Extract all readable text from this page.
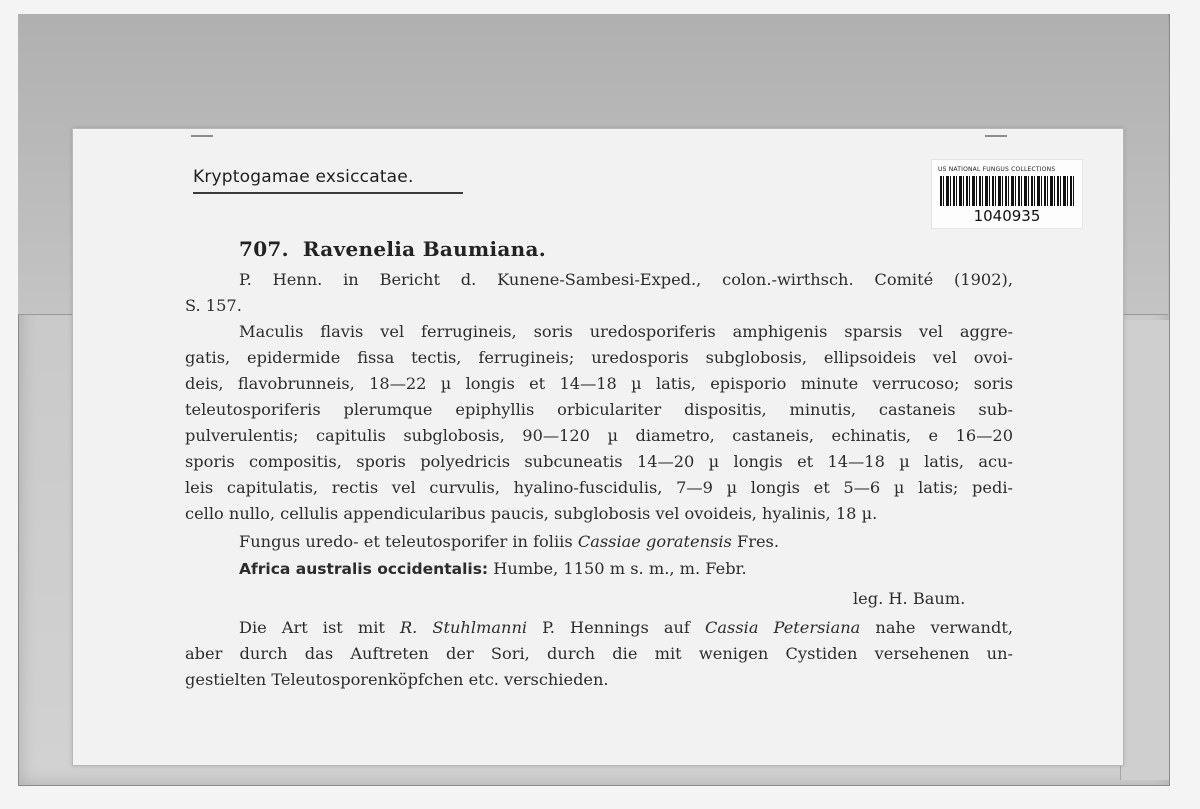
Kryptogamae exsiccatae.	US NATIONAL FUNGUS COLLECTIONS
1040935
707. Ravenelia Baumiana.
P. Henn. in Bericht d. Kunene-Sambesi-Exped., colon.-wirthsch. Comité (1902),
S. 157.
Maculis flavis vel ferrugineis, soris uredosporiferis amphigenis sparsis vel aggre-
gatis, epidermide fissa tectis, ferrugineis; uredosporis subglobosis, ellipsoideis vel ovoi-
deis, flavobrunneis, 18—22 µ longis et 14—18 µ latis, episporio minute verrucoso; soris
teleutosporiferis plerumque epiphyllis orbiculariter dispositis, minutis, castaneis sub-
pulverulentis; capitulis subglobosis, 90—120 µ diametro, castaneis, echinatis, e 16—20
sporis compositis, sporis polyedricis subcuneatis 14—20 µ longis et 14—18 µ latis, acu-
leis capitulatis, rectis vel curvulis, hyalino-fuscidulis, 7—9 µ longis et 5—6 µ latis; pedi-
cello nullo, cellulis appendicularibus paucis, subglobosis vel ovoideis, hyalinis, 18 µ.
Fungus uredo- et teleutosporifer in foliis Cassiae goratensis Fres.
Africa australis occidentalis: Humbe, 1150 m s. m., m. Febr.
leg. H. Baum.
Die Art ist mit R. Stuhlmanni P. Hennings auf Cassia Petersiana nahe verwandt,
aber durch das Auftreten der Sori, durch die mit wenigen Cystiden versehenen un-
gestielten Teleutosporenköpfchen etc. verschieden.
